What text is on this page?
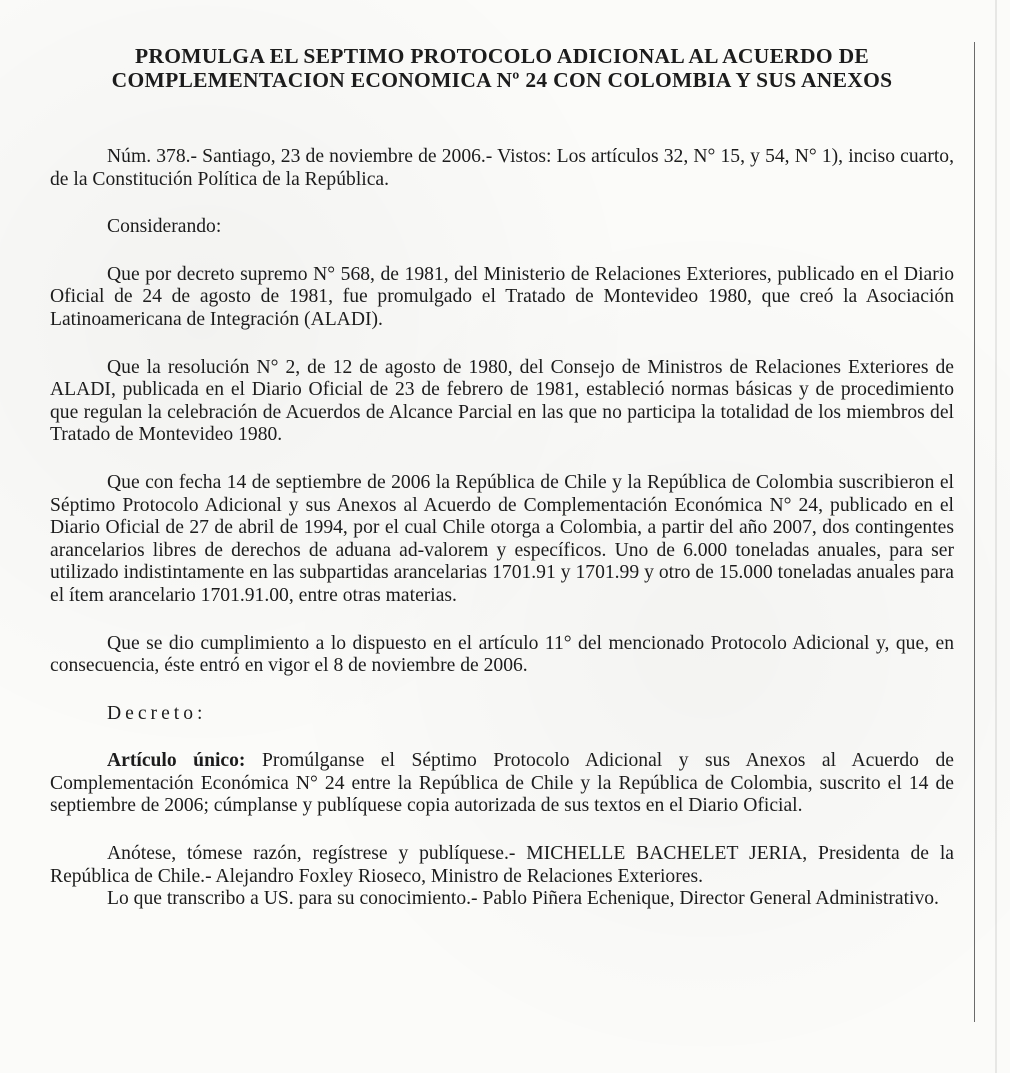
PROMULGA EL SEPTIMO PROTOCOLO ADICIONAL AL ACUERDO DE
COMPLEMENTACION ECONOMICA Nº 24 CON COLOMBIA Y SUS ANEXOS

Núm. 378.- Santiago, 23 de noviembre de 2006.- Vistos: Los artículos 32, N° 15, y 54, N° 1), inciso cuarto, de la Constitución Política de la República.

Considerando:

Que por decreto supremo N° 568, de 1981, del Ministerio de Relaciones Exteriores, publicado en el Diario Oficial de 24 de agosto de 1981, fue promulgado el Tratado de Montevideo 1980, que creó la Asociación Latinoamericana de Integración (ALADI).

Que la resolución N° 2, de 12 de agosto de 1980, del Consejo de Ministros de Relaciones Exteriores de ALADI, publicada en el Diario Oficial de 23 de febrero de 1981, estableció normas básicas y de procedimiento que regulan la celebración de Acuerdos de Alcance Parcial en las que no participa la totalidad de los miembros del Tratado de Montevideo 1980.

Que con fecha 14 de septiembre de 2006 la República de Chile y la República de Colombia suscribieron el Séptimo Protocolo Adicional y sus Anexos al Acuerdo de Complementación Económica N° 24, publicado en el Diario Oficial de 27 de abril de 1994, por el cual Chile otorga a Colombia, a partir del año 2007, dos contingentes arancelarios libres de derechos de aduana ad-valorem y específicos. Uno de 6.000 toneladas anuales, para ser utilizado indistintamente en las subpartidas arancelarias 1701.91 y 1701.99 y otro de 15.000 toneladas anuales para el ítem arancelario 1701.91.00, entre otras materias.

Que se dio cumplimiento a lo dispuesto en el artículo 11° del mencionado Protocolo Adicional y, que, en consecuencia, éste entró en vigor el 8 de noviembre de 2006.

Decreto:

Artículo único: Promúlganse el Séptimo Protocolo Adicional y sus Anexos al Acuerdo de Complementación Económica N° 24 entre la República de Chile y la República de Colombia, suscrito el 14 de septiembre de 2006; cúmplanse y publíquese copia autorizada de sus textos en el Diario Oficial.

Anótese, tómese razón, regístrese y publíquese.- MICHELLE BACHELET JERIA, Presidenta de la República de Chile.- Alejandro Foxley Rioseco, Ministro de Relaciones Exteriores.

Lo que transcribo a US. para su conocimiento.- Pablo Piñera Echenique, Director General Administrativo.
